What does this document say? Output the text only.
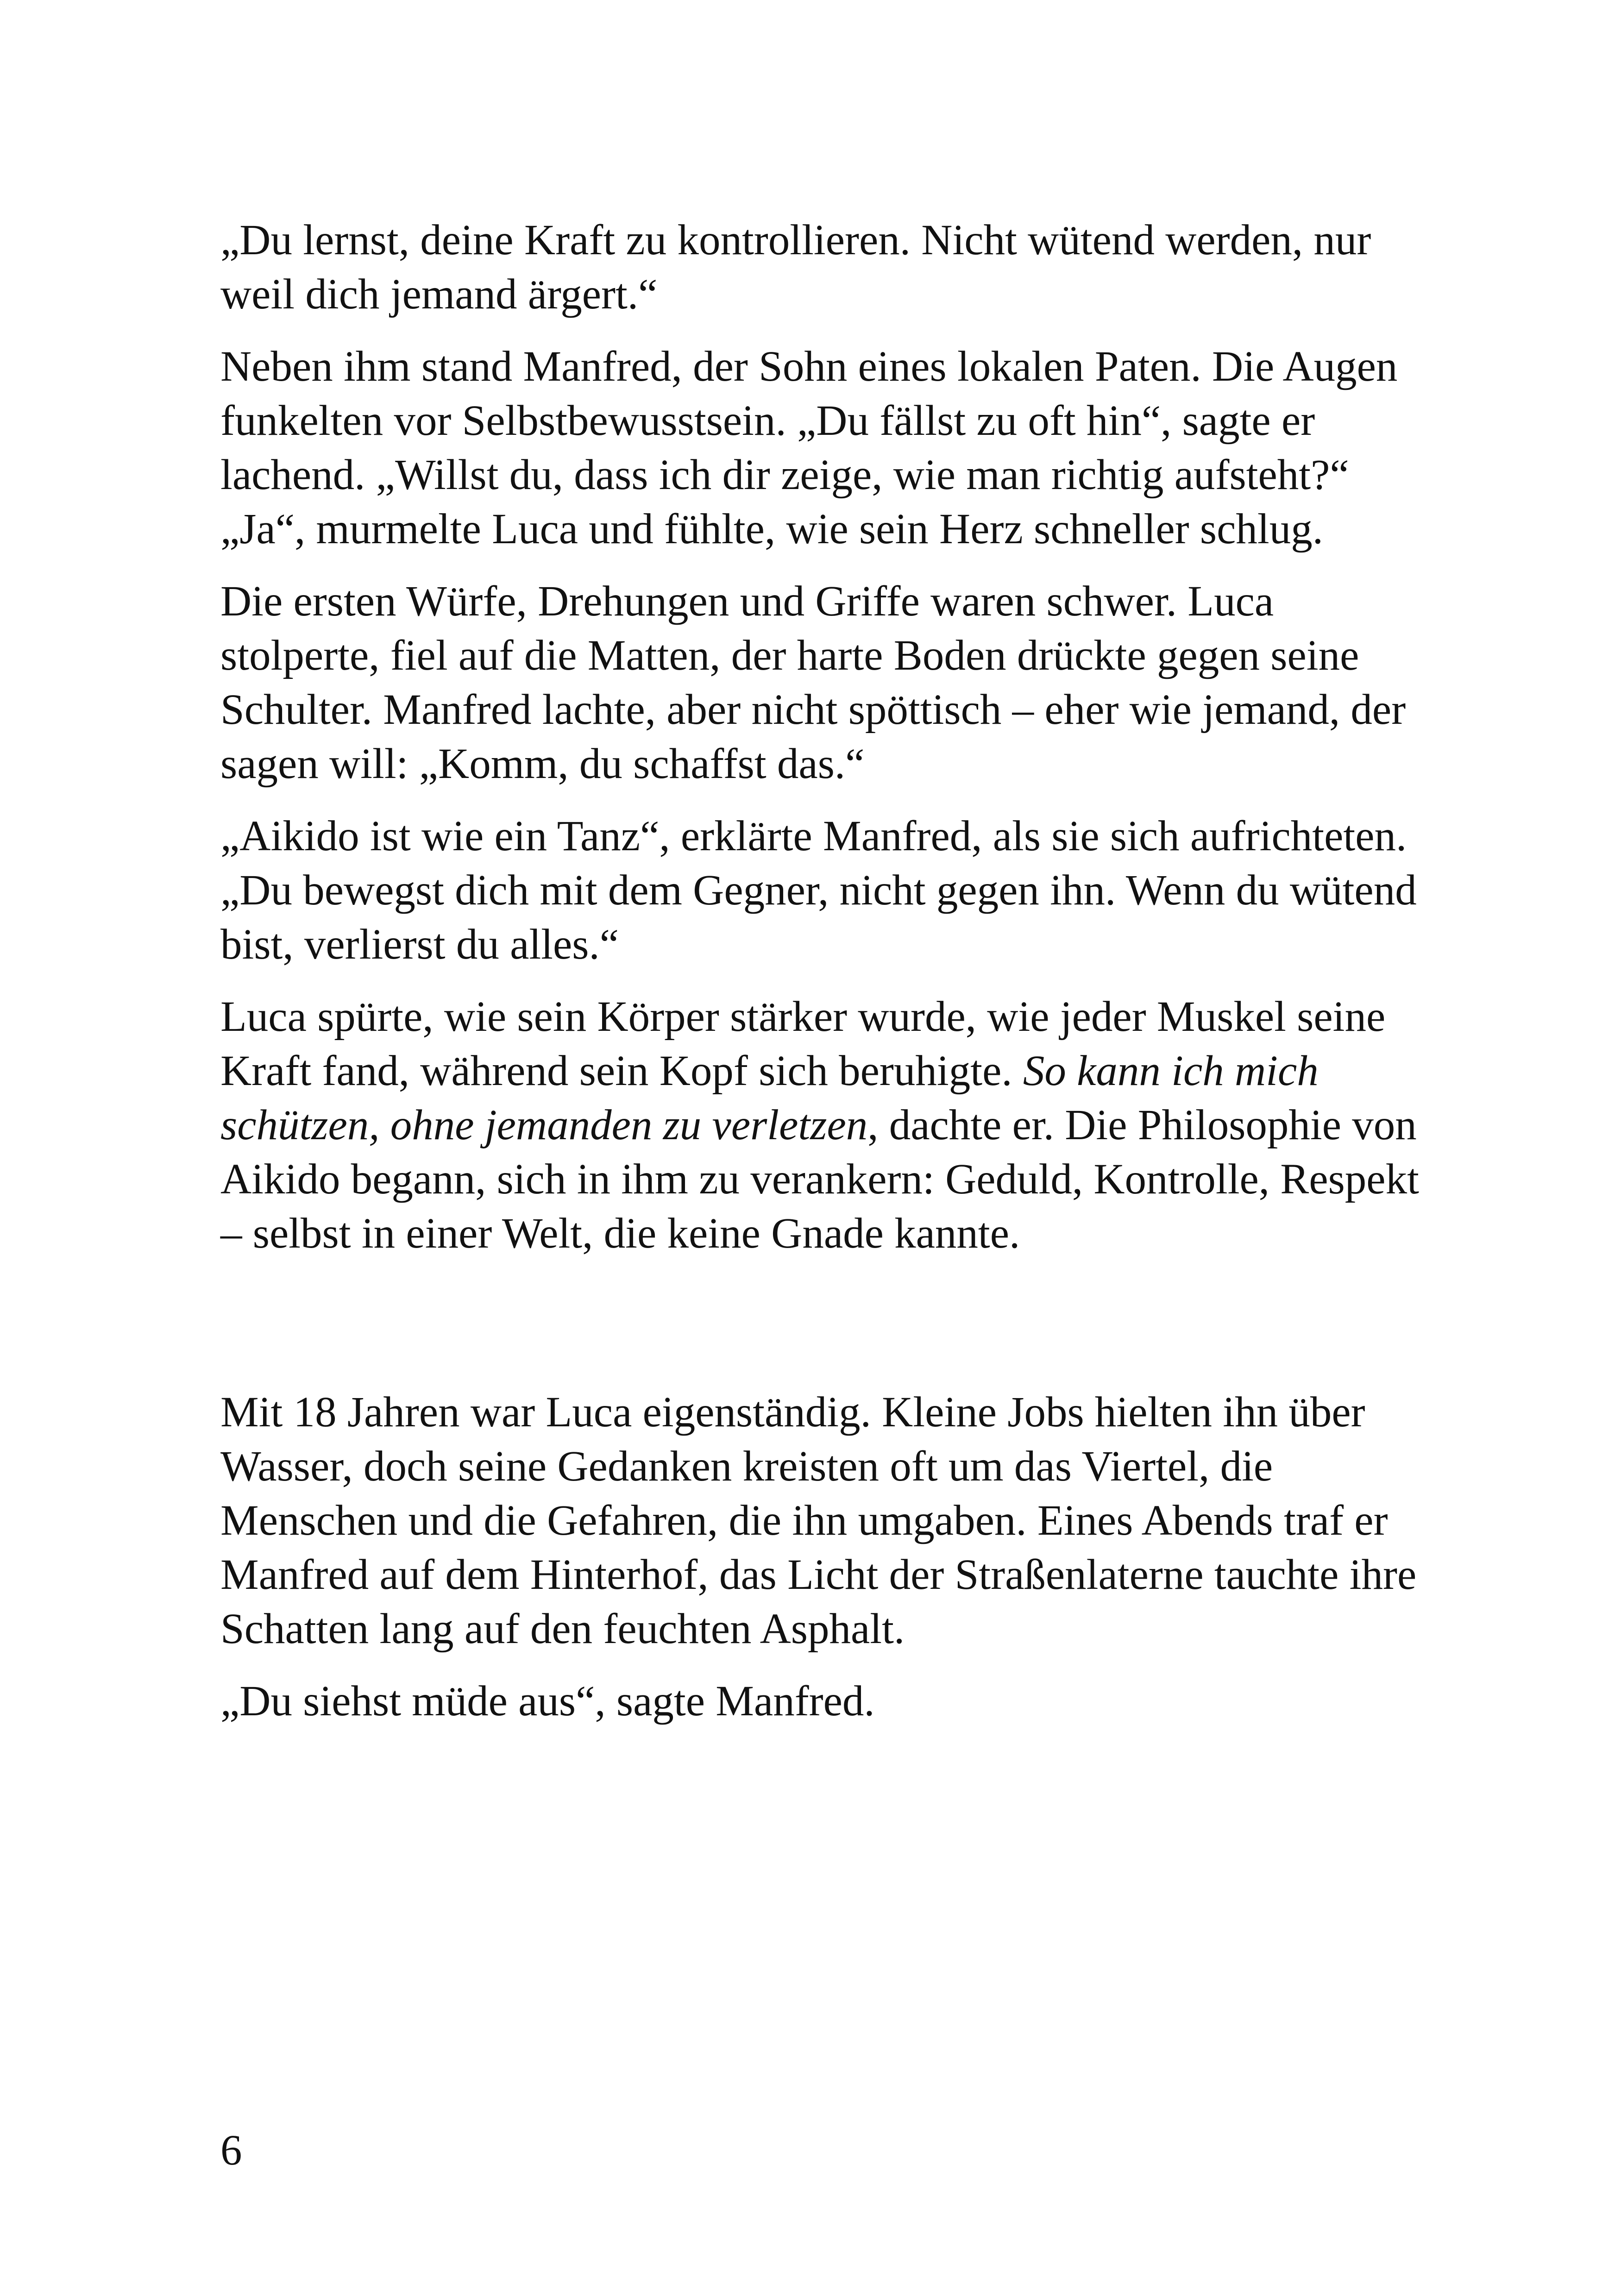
„Du lernst, deine Kraft zu kontrollieren. Nicht wütend werden, nur weil dich jemand ärgert.“

Neben ihm stand Manfred, der Sohn eines lokalen Paten. Die Augen funkelten vor Selbstbewusstsein. „Du fällst zu oft hin“, sagte er lachend. „Willst du, dass ich dir zeige, wie man richtig aufsteht?“

„Ja“, murmelte Luca und fühlte, wie sein Herz schneller schlug.

Die ersten Würfe, Drehungen und Griffe waren schwer. Luca stolperte, fiel auf die Matten, der harte Boden drückte gegen seine Schulter. Manfred lachte, aber nicht spöttisch – eher wie jemand, der sagen will: „Komm, du schaffst das.“

„Aikido ist wie ein Tanz“, erklärte Manfred, als sie sich aufrichteten. „Du bewegst dich mit dem Gegner, nicht gegen ihn. Wenn du wütend bist, verlierst du alles.“

Luca spürte, wie sein Körper stärker wurde, wie jeder Muskel seine Kraft fand, während sein Kopf sich beruhigte. So kann ich mich schützen, ohne jemanden zu verletzen, dachte er. Die Philosophie von Aikido begann, sich in ihm zu verankern: Geduld, Kontrolle, Respekt – selbst in einer Welt, die keine Gnade kannte.

Mit 18 Jahren war Luca eigenständig. Kleine Jobs hielten ihn über Wasser, doch seine Gedanken kreisten oft um das Viertel, die Menschen und die Gefahren, die ihn umgaben. Eines Abends traf er Manfred auf dem Hinterhof, das Licht der Straßenlaterne tauchte ihre Schatten lang auf den feuchten Asphalt.

„Du siehst müde aus“, sagte Manfred.

6
